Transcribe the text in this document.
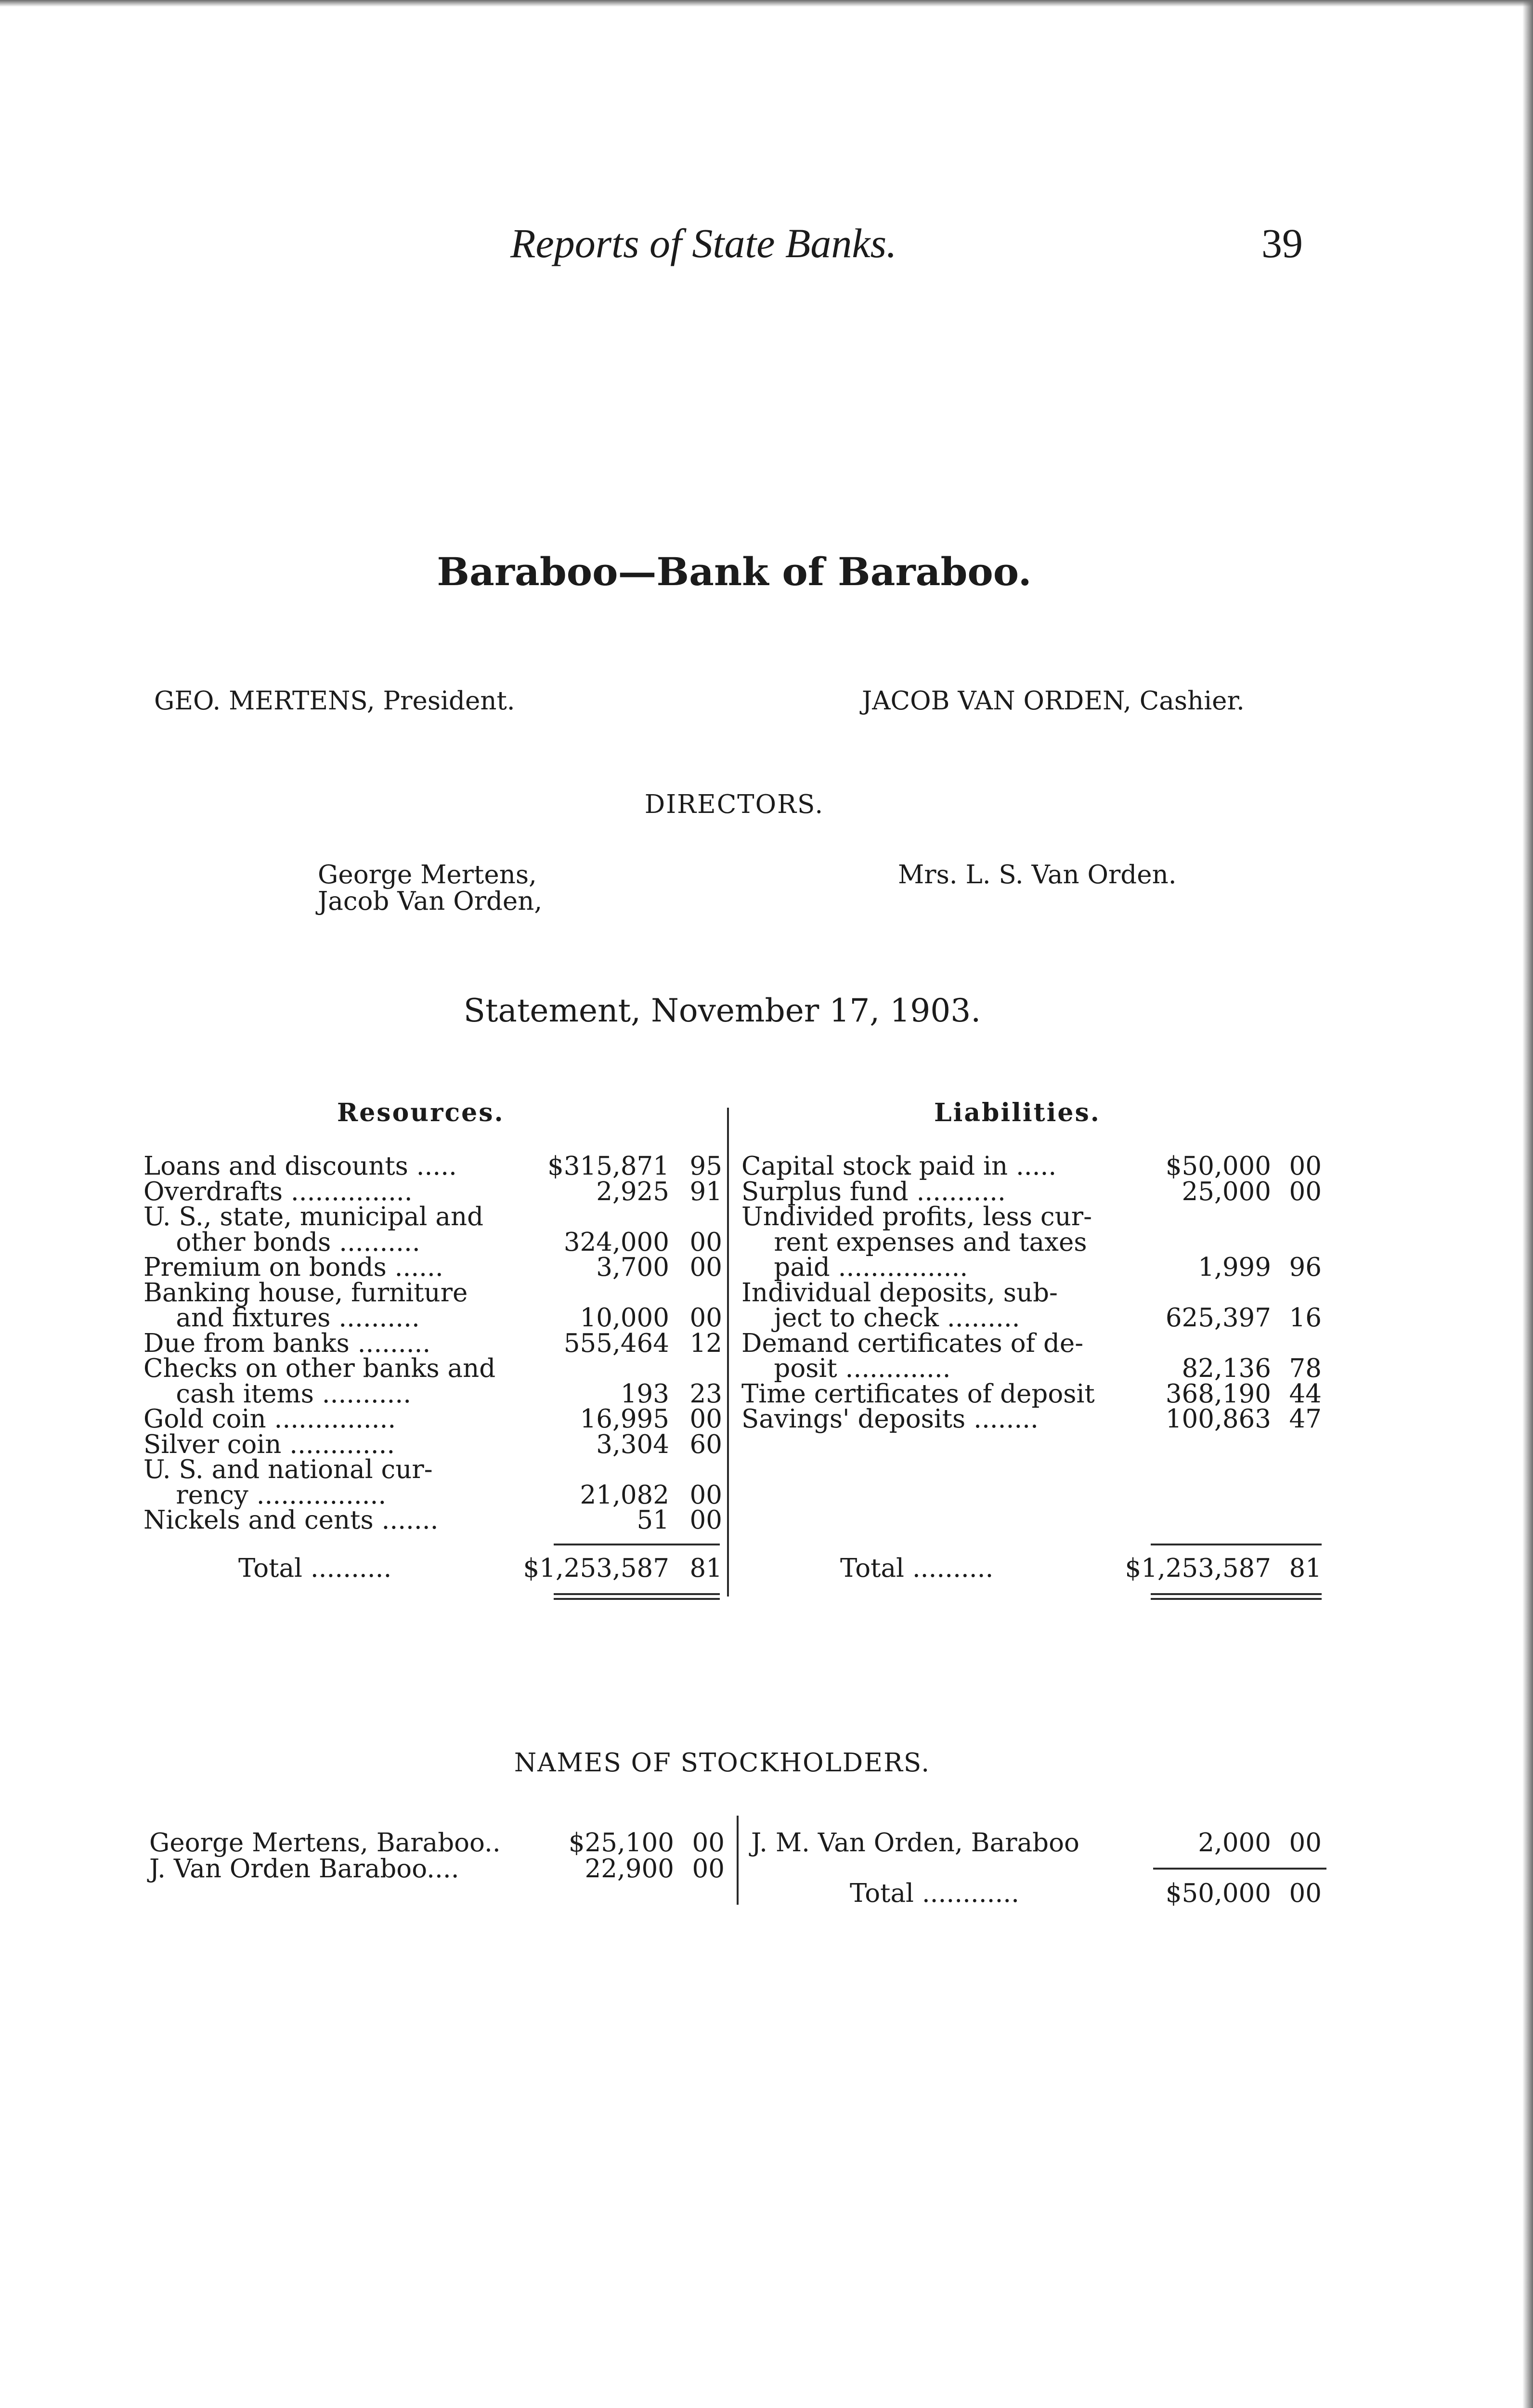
Reports of State Banks.	39
Baraboo—Bank of Baraboo.
GEO. MERTENS, President.	JACOB VAN ORDEN, Cashier.
DIRECTORS.
George Mertens,
Jacob Van Orden,
Mrs. L. S. Van Orden.
Statement, November 17, 1903.
Resources.	Liabilities.
Loans and discounts .....	$315,871 95
Overdrafts ...............	2,925 91
U. S., state, municipal and
other bonds ..........	324,000 00
Premium on bonds ......	3,700 00
Banking house, furniture
and fixtures ..........	10,000 00
Due from banks .........	555,464 12
Checks on other banks and
cash items ...........	193 23
Gold coin ...............	16,995 00
Silver coin .............	3,304 60
U. S. and national cur-
rency ................	21,082 00
Nickels and cents .......	51 00
Capital stock paid in .....	$50,000 00
Surplus fund ...........	25,000 00
Undivided profits, less cur-
rent expenses and taxes
paid ................	1,999 96
Individual deposits, sub-
ject to check .........	625,397 16
Demand certificates of de-
posit .............	82,136 78
Time certificates of deposit	368,190 44
Savings' deposits ........	100,863 47
Total ..........	$1,253,587 81	Total ..........	$1,253,587 81
NAMES OF STOCKHOLDERS.
George Mertens, Baraboo..	$25,100 00
J. Van Orden Baraboo....	22,900 00
J. M. Van Orden, Baraboo	2,000 00
Total ............	$50,000 00
